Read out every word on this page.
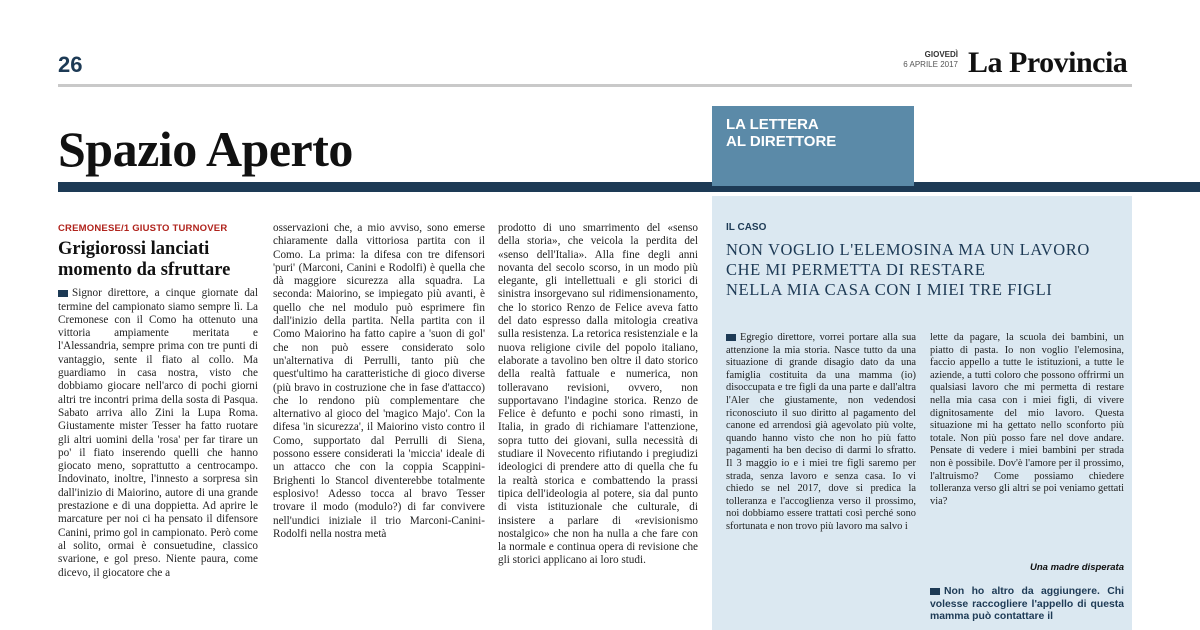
26	GIOVEDÌ
6 APRILE 2017 La Provincia
Spazio Aperto	LA LETTERA
AL DIRETTORE
CREMONESE/1 GIUSTO TURNOVER
Grigiorossi lanciati
momento da sfruttare
Signor direttore, a cinque giornate dal termine del campionato siamo sempre lì. La Cremonese con il Como ha ottenuto una vittoria ampiamente meritata e l'Alessandria, sempre prima con tre punti di vantaggio, sente il fiato al collo. Ma guardiamo in casa nostra, visto che dobbiamo giocare nell'arco di pochi giorni altri tre incontri prima della sosta di Pasqua. Sabato arriva allo Zini la Lupa Roma. Giustamente mister Tesser ha fatto ruotare gli altri uomini della 'rosa' per far tirare un po' il fiato inserendo quelli che hanno giocato meno, soprattutto a centrocampo. Indovinato, inoltre, l'innesto a sorpresa sin dall'inizio di Maiorino, autore di una grande prestazione e di una doppietta. Ad aprire le marcature per noi ci ha pensato il difensore Canini, primo gol in campionato. Però come al solito, ormai è consuetudine, classico svarione, e gol preso. Niente paura, come dicevo, il giocatore che a
osservazioni che, a mio avviso, sono emerse chiaramente dalla vittoriosa partita con il Como. La prima: la difesa con tre difensori 'puri' (Marconi, Canini e Rodolfi) è quella che dà maggiore sicurezza alla squadra. La seconda: Maiorino, se impiegato più avanti, è quello che nel modulo può esprimere fin dall'inizio della partita. Nella partita con il Como Maiorino ha fatto capire a 'suon di gol' che non può essere considerato solo un'alternativa di Perrulli, tanto più che quest'ultimo ha caratteristiche di gioco diverse (più bravo in costruzione che in fase d'attacco) che lo rendono più complementare che alternativo al gioco del 'magico Majo'. Con la difesa 'in sicurezza', il Maiorino visto contro il Como, supportato dal Perrulli di Siena, possono essere considerati la 'miccia' ideale di un attacco che con la coppia Scappini-Brighenti lo Stancol diventerebbe totalmente esplosivo! Adesso tocca al bravo Tesser trovare il modo (modulo?) di far convivere nell'undici iniziale il trio Marconi-Canini-Rodolfi nella nostra metà
prodotto di uno smarrimento del «senso della storia», che veicola la perdita del «senso dell'Italia». Alla fine degli anni novanta del secolo scorso, in un modo più elegante, gli intellettuali e gli storici di sinistra insorgevano sul ridimensionamento, che lo storico Renzo de Felice aveva fatto del dato espresso dalla mitologia creativa sulla resistenza. La retorica resistenziale e la nuova religione civile del popolo italiano, elaborate a tavolino ben oltre il dato storico della realtà fattuale e numerica, non tolleravano revisioni, ovvero, non supportavano l'indagine storica. Renzo de Felice è defunto e pochi sono rimasti, in Italia, in grado di richiamare l'attenzione, sopra tutto dei giovani, sulla necessità di studiare il Novecento rifiutando i pregiudizi ideologici di prendere atto di quella che fu la realtà storica e combattendo la prassi tipica dell'ideologia al potere, sia dal punto di vista istituzionale che culturale, di insistere a parlare di «revisionismo nostalgico» che non ha nulla a che fare con la normale e continua opera di revisione che gli storici applicano ai loro studi.
IL CASO
NON VOGLIO L'ELEMOSINA MA UN LAVORO
CHE MI PERMETTA DI RESTARE
NELLA MIA CASA CON I MIEI TRE FIGLI
Egregio direttore, vorrei portare alla sua attenzione la mia storia. Nasce tutto da una situazione di grande disagio dato da una famiglia costituita da una mamma (io) disoccupata e tre figli da una parte e dall'altra l'Aler che giustamente, non vedendosi riconosciuto il suo diritto al pagamento del canone ed arrendosi già agevolato più volte, quando hanno visto che non ho più fatto pagamenti ha ben deciso di darmi lo sfratto. Il 3 maggio io e i miei tre figli saremo per strada, senza lavoro e senza casa. Io vi chiedo se nel 2017, dove si predica la tolleranza e l'accoglienza verso il prossimo, noi dobbiamo essere trattati così perché sono sfortunata e non trovo più lavoro ma salvo i
lette da pagare, la scuola dei bambini, un piatto di pasta. Io non voglio l'elemosina, faccio appello a tutte le istituzioni, a tutte le aziende, a tutti coloro che possono offrirmi un qualsiasi lavoro che mi permetta di restare nella mia casa con i miei figli, di vivere dignitosamente del mio lavoro. Questa situazione mi ha gettato nello sconforto più totale. Non più posso fare nel dove andare. Pensate di vedere i miei bambini per strada non è possibile. Dov'è l'amore per il prossimo, l'altruismo? Come possiamo chiedere tolleranza verso gli altri se poi veniamo gettati via?
Una madre disperata
Non ho altro da aggiungere. Chi volesse raccogliere l'appello di questa mamma può contattare il
